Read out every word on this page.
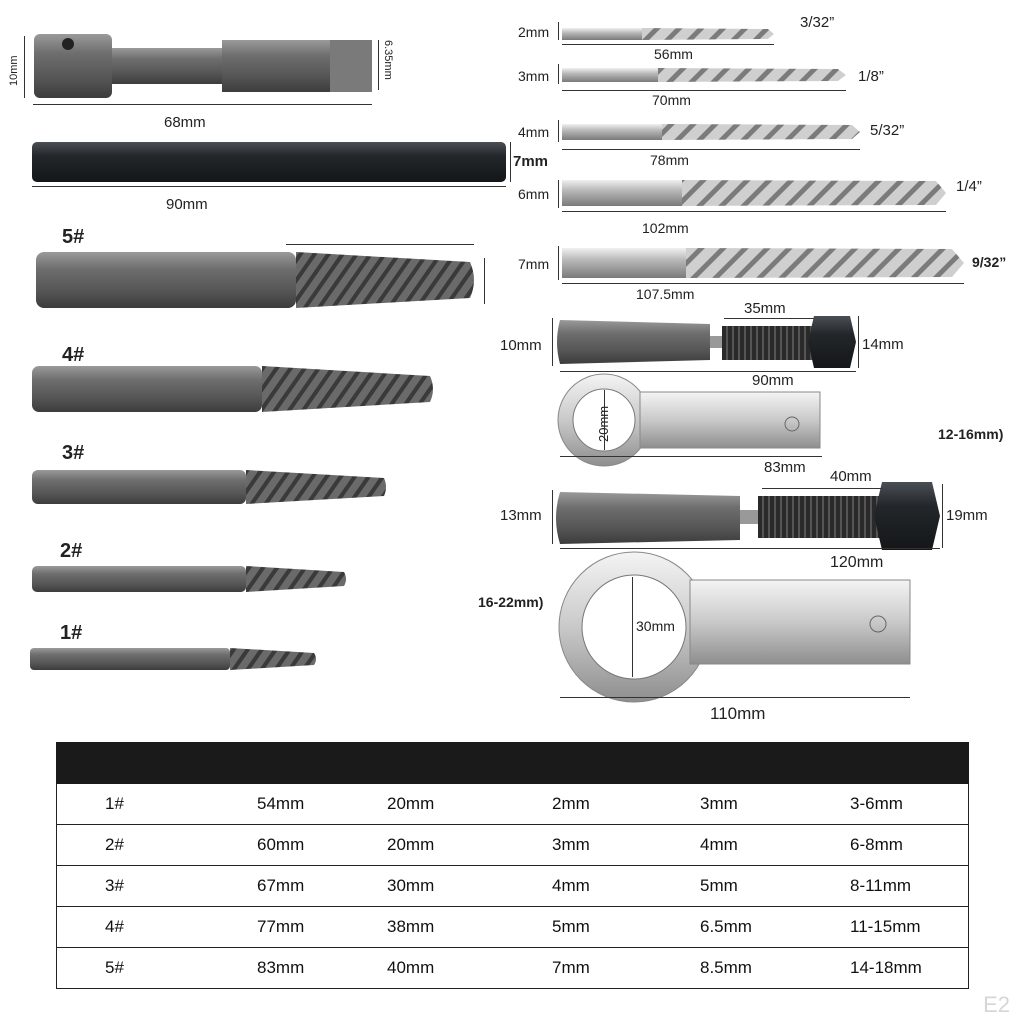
10mm
68mm
6.35mm
90mm
7mm
5#
4#
3#
2#
1#
2mm
56mm
3/32”
3mm
70mm
1/8”
4mm
78mm
5/32”
6mm
102mm
1/4”
7mm
107.5mm
9/32”
10mm
35mm
14mm
90mm
20mm
83mm
12-16mm)
40mm
13mm	19mm
120mm
16-22mm)
30mm
110mm
1#	54mm	20mm	2mm	3mm	3-6mm
2#	60mm	20mm	3mm	4mm	6-8mm
3#	67mm	30mm	4mm	5mm	8-11mm
4#	77mm	38mm	5mm	6.5mm	11-15mm
5#	83mm	40mm	7mm	8.5mm	14-18mm
E2
